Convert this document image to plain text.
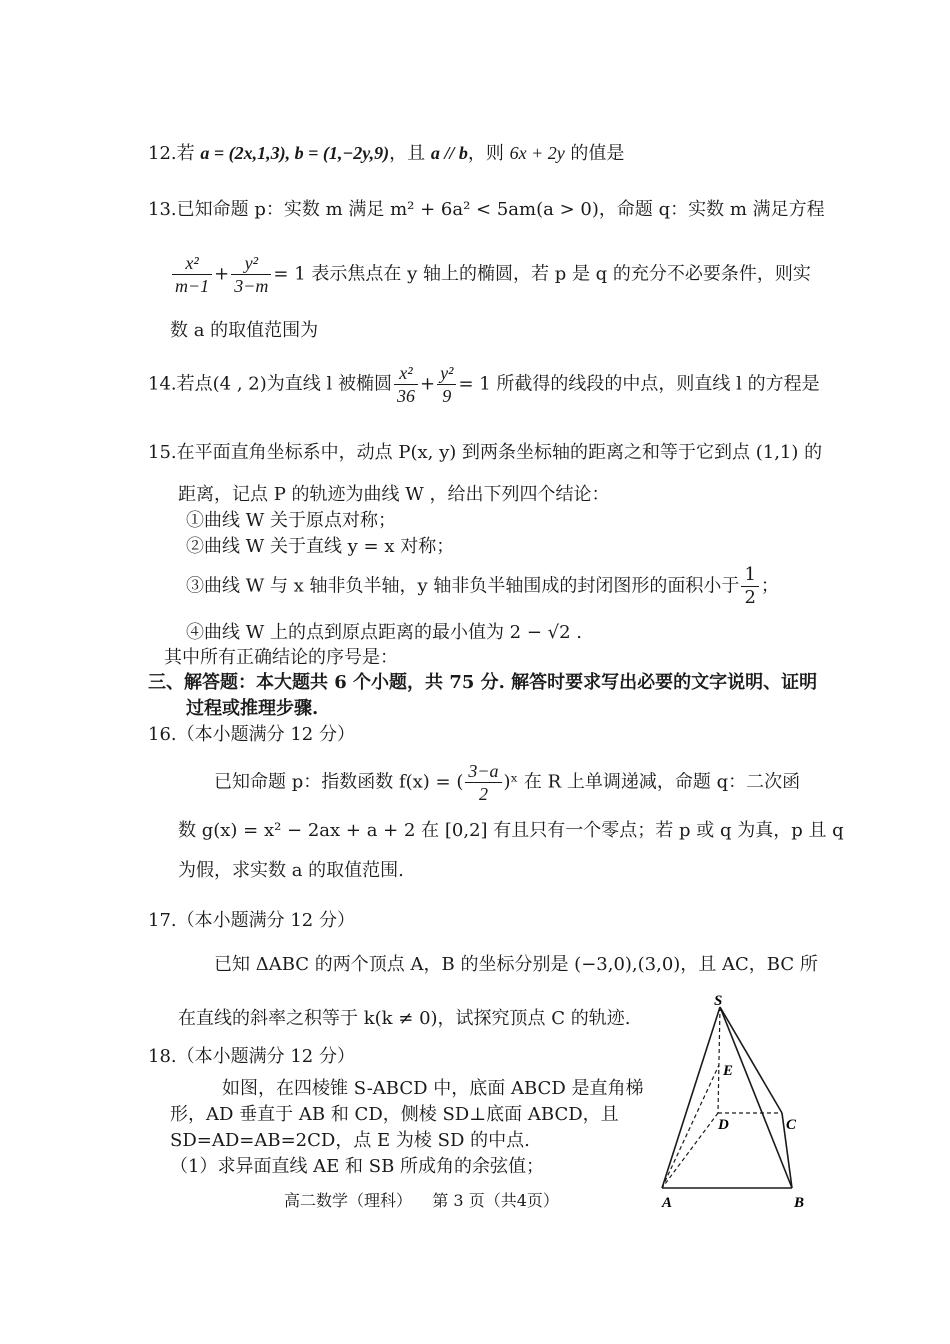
12.若 a = (2x,1,3), b = (1,−2y,9)，且 a // b，则 6x + 2y 的值是
13.已知命题 p：实数 m 满足 m² + 6a² < 5am(a > 0)，命题 q：实数 m 满足方程
$\frac{\text{x²}}{m-1} + \frac{\text{y²}}{3-m} = 1$ 表示焦点在 y 轴上的椭圆，若 p 是 q 的充分不必要条件，则实
数 a 的取值范围为
14.若点(4 , 2)为直线 l 被椭圆 $\frac{\text{x²}}{36} + \frac{\text{y²}}{9} = 1$ 所截得的线段的中点，则直线 l 的方程是
15.在平面直角坐标系中，动点 P(x, y) 到两条坐标轴的距离之和等于它到点 (1,1) 的
距离，记点 P 的轨迹为曲线 W ，给出下列四个结论：
①曲线 W 关于原点对称；
②曲线 W 关于直线 y = x 对称；
③曲线 W 与 x 轴非负半轴，y 轴非负半轴围成的封闭图形的面积小于 $\frac{1}{2}$ ；
④曲线 W 上的点到原点距离的最小值为 2 − √2 .
其中所有正确结论的序号是：
三、解答题：本大题共 6 个小题，共 75 分. 解答时要求写出必要的文字说明、证明
过程或推理步骤.
16.（本小题满分 12 分）
已知命题 p：指数函数 f(x) = ( $\frac{3-a}{2}$ )ˣ 在 R 上单调递减，命题 q：二次函
数 g(x) = x² − 2ax + a + 2 在 [0,2] 有且只有一个零点；若 p 或 q 为真，p 且 q
为假，求实数 a 的取值范围.
17.（本小题满分 12 分）
已知 ΔABC 的两个顶点 A，B 的坐标分别是 (−3,0),(3,0)，且 AC，BC 所
在直线的斜率之积等于 k(k ≠ 0)，试探究顶点 C 的轨迹.
18.（本小题满分 12 分）
如图，在四棱锥 S-ABCD 中，底面 ABCD 是直角梯
形，AD 垂直于 AB 和 CD，侧棱 SD⊥底面 ABCD，且
SD=AD=AB=2CD，点 E 为棱 SD 的中点.
（1）求异面直线 AE 和 SB 所成角的余弦值；
S
E
D	C
A	B
高二数学（理科）    第 3 页（共4页）
